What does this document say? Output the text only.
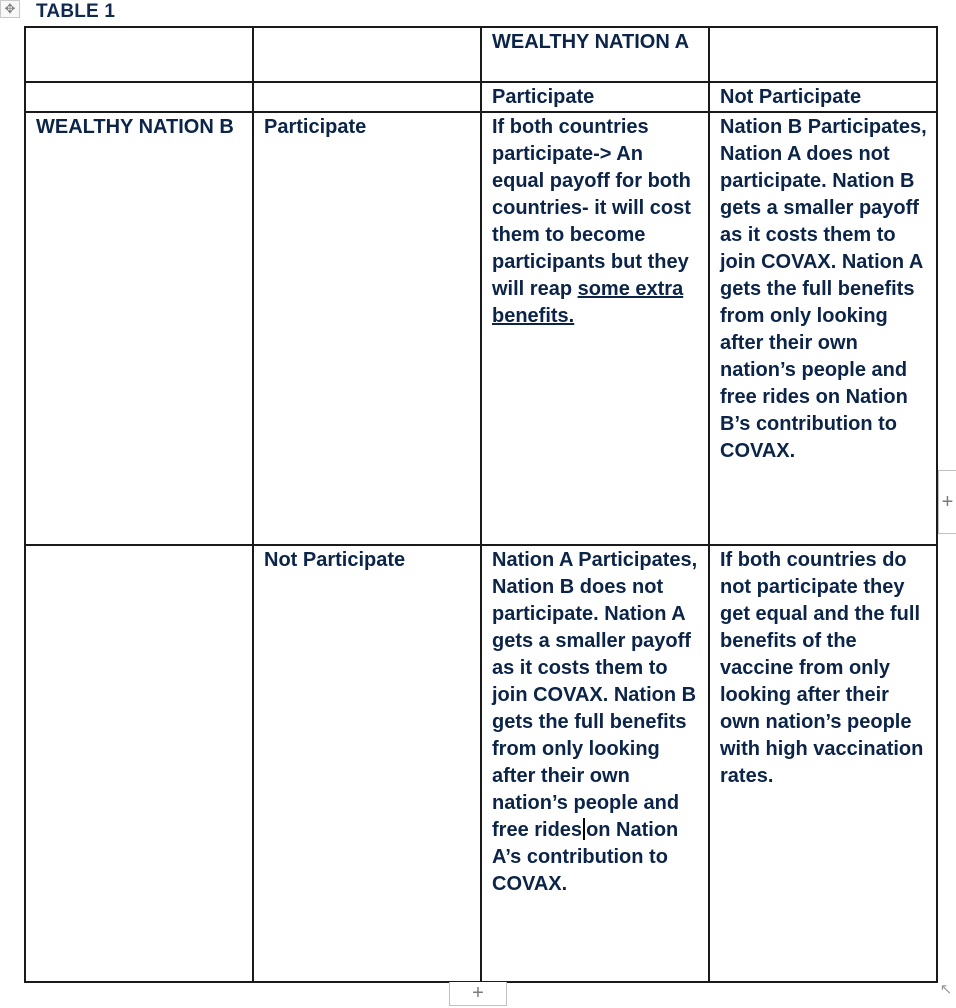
✥ TABLE 1
		WEALTHY NATION A	
		Participate	Not Participate
WEALTHY NATION B	Participate	If both countries participate-> An equal payoff for both countries- it will cost them to become participants but they will reap some extra benefits.	Nation B Participates, Nation A does not participate. Nation B gets a smaller payoff as it costs them to join COVAX. Nation A gets the full benefits from only looking after their own nation’s people and free rides on Nation B’s contribution to COVAX.
	Not Participate	Nation A Participates, Nation B does not participate. Nation A gets a smaller payoff as it costs them to join COVAX. Nation B gets the full benefits from only looking after their own nation’s people and free rides on Nation A’s contribution to COVAX.	If both countries do not participate they get equal and the full benefits of the vaccine from only looking after their own nation’s people with high vaccination rates.
+
+	↖
